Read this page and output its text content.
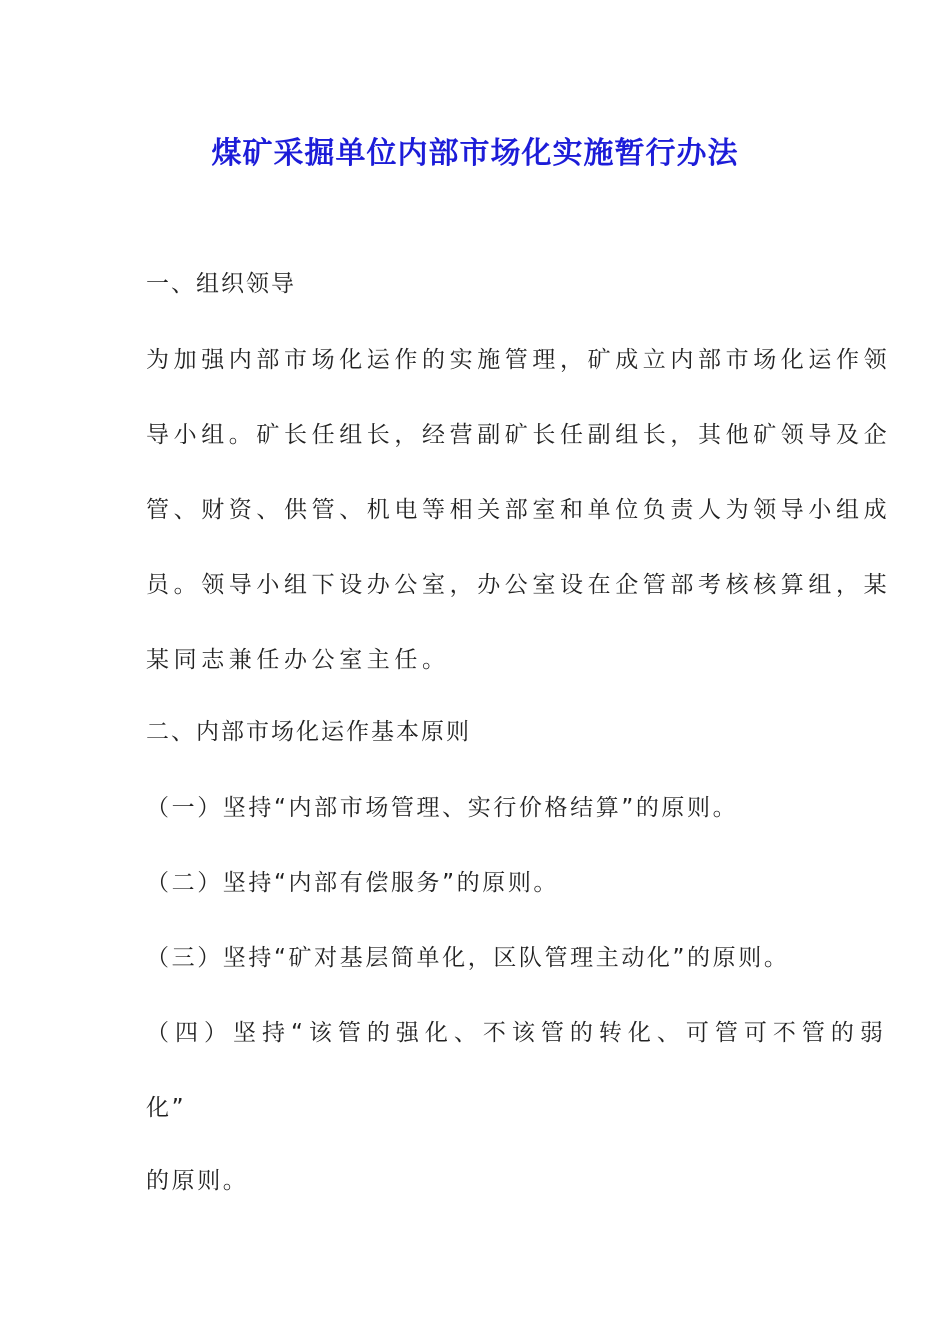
煤矿采掘单位内部市场化实施暂行办法
一、组织领导
为加强内部市场化运作的实施管理，矿成立内部市场化运作领
导小组。矿长任组长，经营副矿长任副组长，其他矿领导及企
管、财资、供管、机电等相关部室和单位负责人为领导小组成
员。领导小组下设办公室，办公室设在企管部考核核算组，某
某同志兼任办公室主任。
二、内部市场化运作基本原则
（一）坚持“内部市场管理、实行价格结算”的原则。
（二）坚持“内部有偿服务”的原则。
（三）坚持“矿对基层简单化，区队管理主动化”的原则。
（四）坚持“该管的强化、不该管的转化、可管可不管的弱
化”
的原则。
